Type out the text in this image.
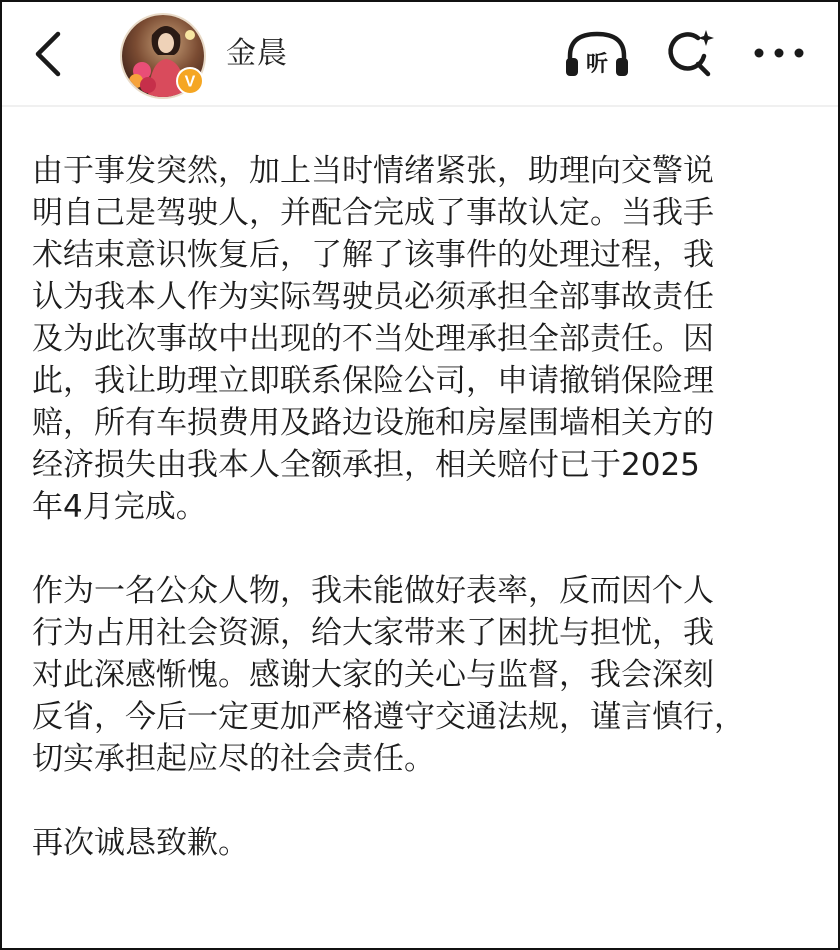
V
金晨	听
由于事发突然，加上当时情绪紧张，助理向交警说
明自己是驾驶人，并配合完成了事故认定。当我手
术结束意识恢复后，了解了该事件的处理过程，我
认为我本人作为实际驾驶员必须承担全部事故责任
及为此次事故中出现的不当处理承担全部责任。因
此，我让助理立即联系保险公司，申请撤销保险理
赔，所有车损费用及路边设施和房屋围墙相关方的
经济损失由我本人全额承担，相关赔付已于2025
年4月完成。
作为一名公众人物，我未能做好表率，反而因个人
行为占用社会资源，给大家带来了困扰与担忧，我
对此深感惭愧。感谢大家的关心与监督，我会深刻
反省，今后一定更加严格遵守交通法规，谨言慎行，
切实承担起应尽的社会责任。
再次诚恳致歉。
